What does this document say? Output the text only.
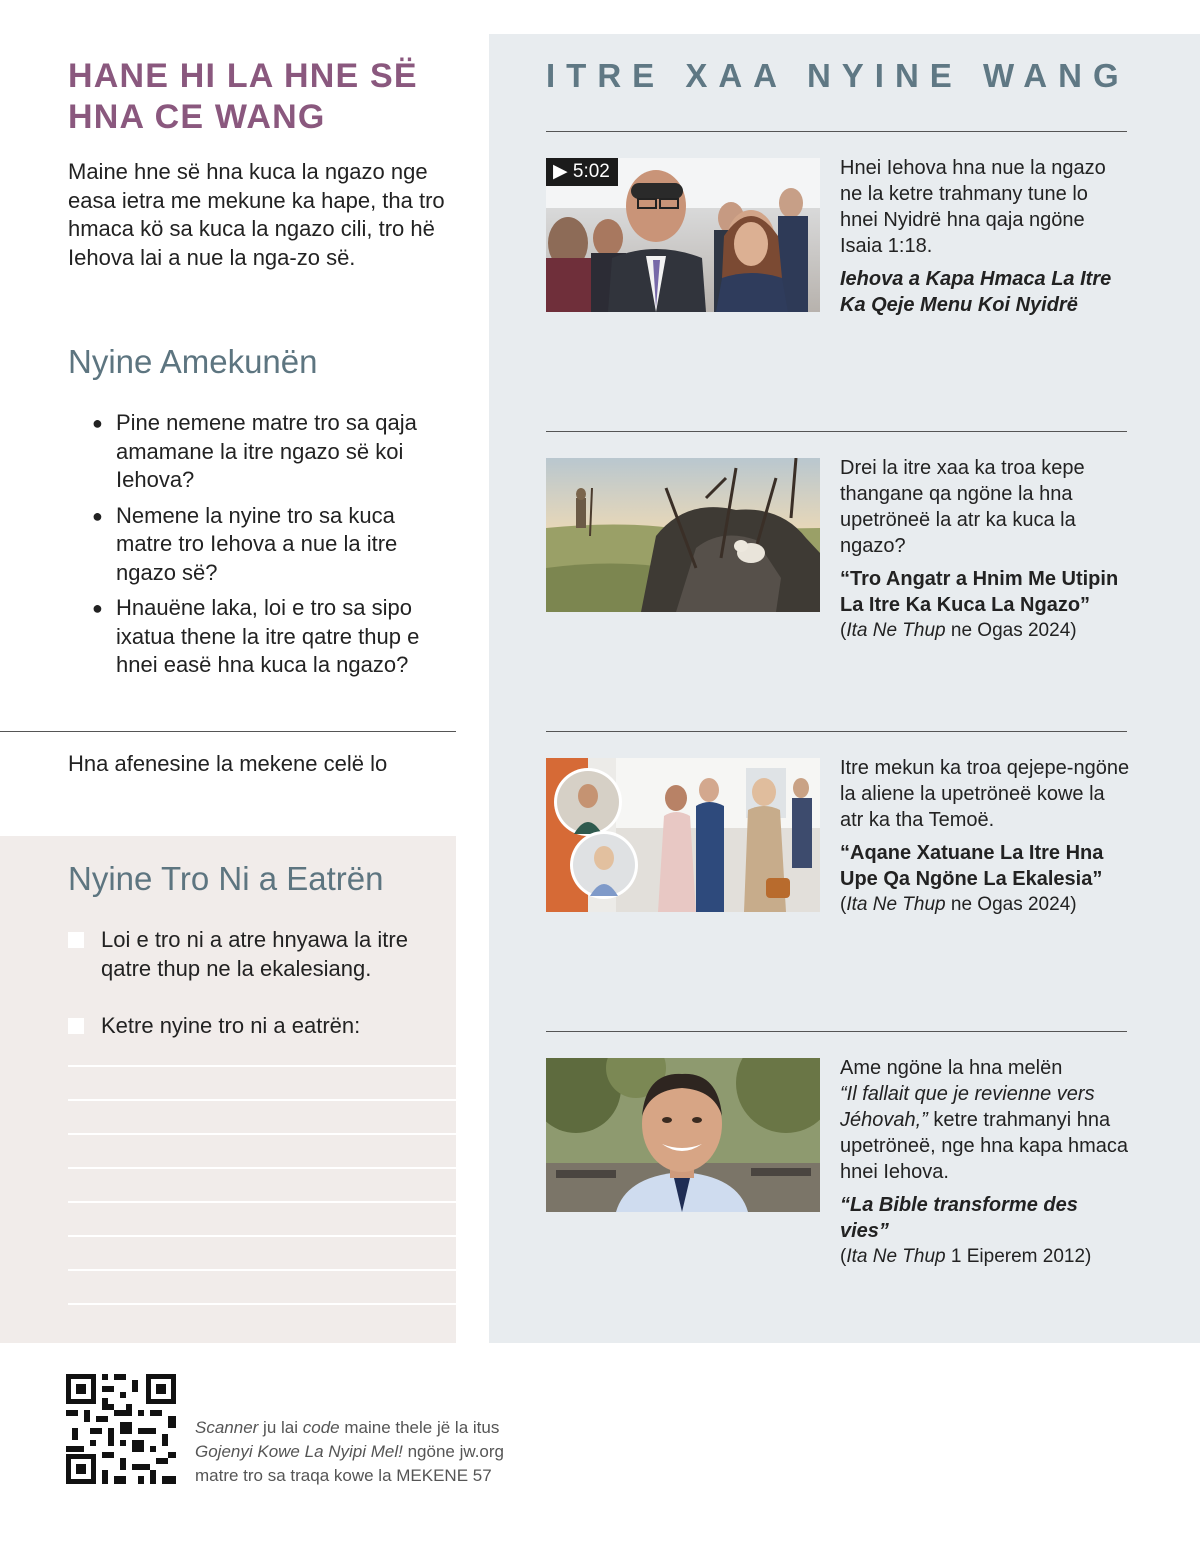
HANE HI LA HNE SË
HNA CE WANG

Maine hne së hna kuca la ngazo nge easa ietra me mekune ka hape, tha tro hmaca kö sa kuca la ngazo cili, tro hë Iehova lai a nue la nga-zo së.

Nyine Amekunën
● Pine nemene matre tro sa qaja amamane la itre ngazo së koi Iehova?
● Nemene la nyine tro sa kuca matre tro Iehova a nue la itre ngazo së?
● Hnauëne laka, loi e tro sa sipo ixatua thene la itre qatre thup e hnei easë hna kuca la ngazo?
Hna afenesine la mekene celë lo
Nyine Tro Ni a Eatrën
Loi e tro ni a atre hnyawa la itre qatre thup ne la ekalesiang.
Ketre nyine tro ni a eatrën:
ITRE XAA NYINE WANG
▶ 5:02	Hnei Iehova hna nue la ngazo ne la ketre trahmany tune lo hnei Nyidrë hna qaja ngöne Isaia 1:18.
Iehova a Kapa Hmaca La Itre Ka Qeje Menu Koi Nyidrë
Drei la itre xaa ka troa kepe thangane qa ngöne la hna upetröneë la atr ka kuca la ngazo?
“Tro Angatr a Hnim Me Utipin La Itre Ka Kuca La Ngazo”
(Ita Ne Thup ne Ogas 2024)
Itre mekun ka troa qejepe-ngöne la aliene la upetröneë kowe la atr ka tha Temoë.
“Aqane Xatuane La Itre Hna Upe Qa Ngöne La Ekalesia”
(Ita Ne Thup ne Ogas 2024)
Ame ngöne la hna melën
“Il fallait que je revienne vers Jéhovah,” ketre trahmanyi hna upetröneë, nge hna kapa hmaca hnei Iehova.
“La Bible transforme des vies”
(Ita Ne Thup 1 Eiperem 2012)
Scanner ju lai code maine thele jë la itus
Gojenyi Kowe La Nyipi Mel! ngöne jw.org
matre tro sa traqa kowe la MEKENE 57
